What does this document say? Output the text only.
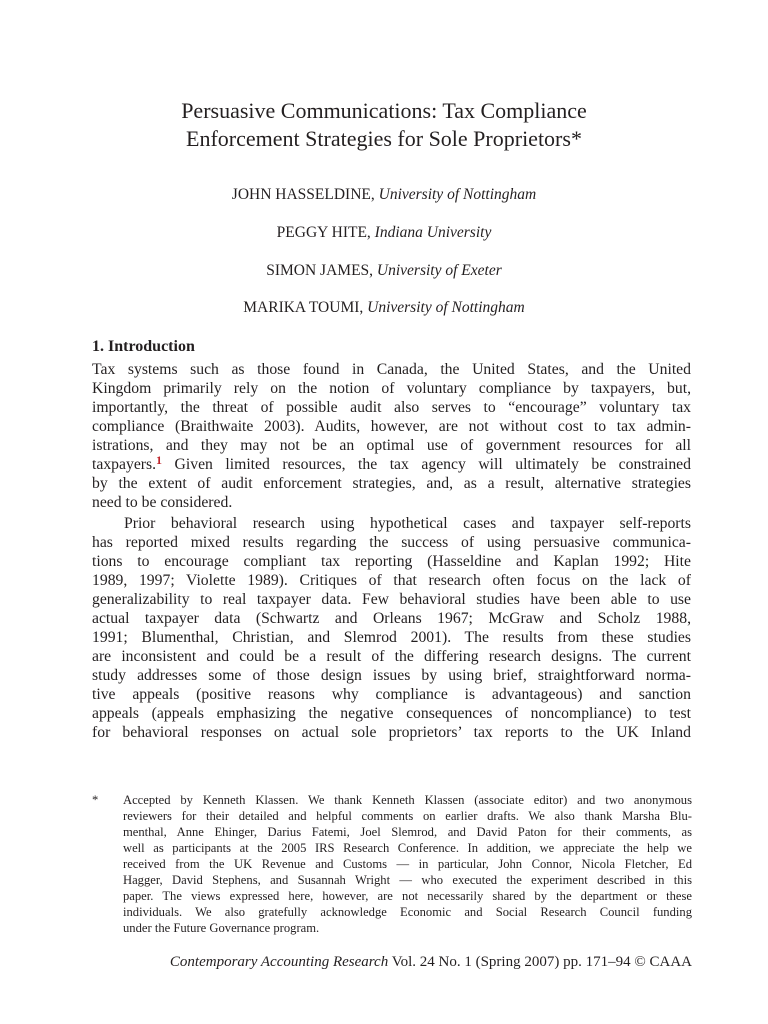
Persuasive Communications: Tax Compliance
Enforcement Strategies for Sole Proprietors*
JOHN HASSELDINE, University of Nottingham
PEGGY HITE, Indiana University
SIMON JAMES, University of Exeter
MARIKA TOUMI, University of Nottingham
1. Introduction
Tax systems such as those found in Canada, the United States, and the United
Kingdom primarily rely on the notion of voluntary compliance by taxpayers, but,
importantly, the threat of possible audit also serves to “encourage” voluntary tax
compliance (Braithwaite 2003). Audits, however, are not without cost to tax admin-
istrations, and they may not be an optimal use of government resources for all
taxpayers.$^1$ Given limited resources, the tax agency will ultimately be constrained
by the extent of audit enforcement strategies, and, as a result, alternative strategies
need to be considered.
Prior behavioral research using hypothetical cases and taxpayer self-reports
has reported mixed results regarding the success of using persuasive communica-
tions to encourage compliant tax reporting (Hasseldine and Kaplan 1992; Hite
1989, 1997; Violette 1989). Critiques of that research often focus on the lack of
generalizability to real taxpayer data. Few behavioral studies have been able to use
actual taxpayer data (Schwartz and Orleans 1967; McGraw and Scholz 1988,
1991; Blumenthal, Christian, and Slemrod 2001). The results from these studies
are inconsistent and could be a result of the differing research designs. The current
study addresses some of those design issues by using brief, straightforward norma-
tive appeals (positive reasons why compliance is advantageous) and sanction
appeals (appeals emphasizing the negative consequences of noncompliance) to test
for behavioral responses on actual sole proprietors’ tax reports to the UK Inland
* Accepted by Kenneth Klassen. We thank Kenneth Klassen (associate editor) and two anonymous
reviewers for their detailed and helpful comments on earlier drafts. We also thank Marsha Blu-
menthal, Anne Ehinger, Darius Fatemi, Joel Slemrod, and David Paton for their comments, as
well as participants at the 2005 IRS Research Conference. In addition, we appreciate the help we
received from the UK Revenue and Customs — in particular, John Connor, Nicola Fletcher, Ed
Hagger, David Stephens, and Susannah Wright — who executed the experiment described in this
paper. The views expressed here, however, are not necessarily shared by the department or these
individuals. We also gratefully acknowledge Economic and Social Research Council funding
under the Future Governance program.
Contemporary Accounting Research Vol. 24 No. 1 (Spring 2007) pp. 171–94 © CAAA
